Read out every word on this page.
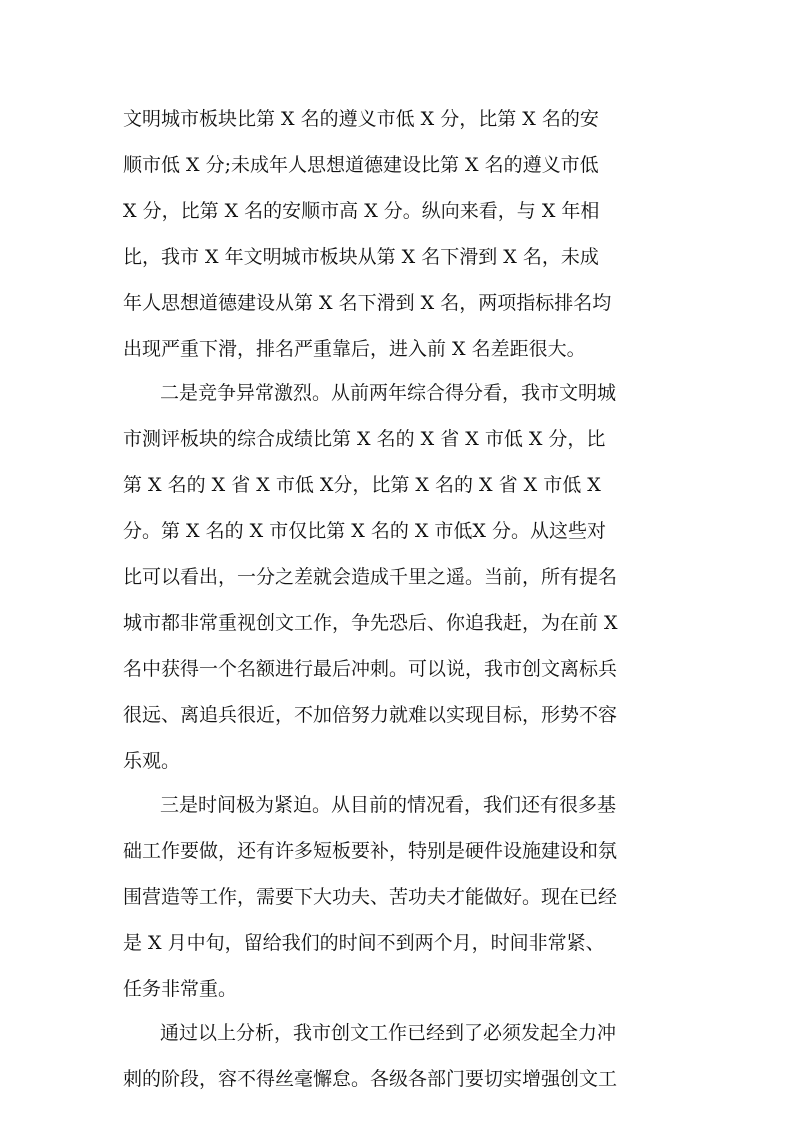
文明城市板块比第 X 名的遵义市低 X 分，比第 X 名的安
顺市低 X 分;未成年人思想道德建设比第 X 名的遵义市低
X 分，比第 X 名的安顺市高 X 分。纵向来看，与 X 年相
比，我市 X 年文明城市板块从第 X 名下滑到 X 名，未成
年人思想道德建设从第 X 名下滑到 X 名，两项指标排名均
出现严重下滑，排名严重靠后，进入前 X 名差距很大。
二是竞争异常激烈。从前两年综合得分看，我市文明城
市测评板块的综合成绩比第 X 名的 X 省 X 市低 X 分，比
第 X 名的 X 省 X 市低 X分，比第 X 名的 X 省 X 市低 X
分。第 X 名的 X 市仅比第 X 名的 X 市低X 分。从这些对
比可以看出，一分之差就会造成千里之遥。当前，所有提名
城市都非常重视创文工作，争先恐后、你追我赶，为在前 X
名中获得一个名额进行最后冲刺。可以说，我市创文离标兵
很远、离追兵很近，不加倍努力就难以实现目标，形势不容
乐观。
三是时间极为紧迫。从目前的情况看，我们还有很多基
础工作要做，还有许多短板要补，特别是硬件设施建设和氛
围营造等工作，需要下大功夫、苦功夫才能做好。现在已经
是 X 月中旬，留给我们的时间不到两个月，时间非常紧、
任务非常重。
通过以上分析，我市创文工作已经到了必须发起全力冲
刺的阶段，容不得丝毫懈怠。各级各部门要切实增强创文工
